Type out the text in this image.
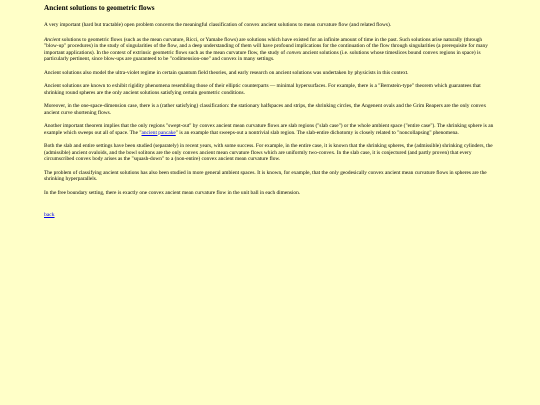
Ancient solutions to geometric flows

A very important (hard but tractable) open problem concerns the meaningful classification of convex ancient solutions to mean curvature flow (and related flows).

Ancient solutions to geometric flows (such as the mean curvature, Ricci, or Yamabe flows) are solutions which have existed for an infinite amount of time in the past. Such solutions arise naturally (through "blow-up" procedures) in the study of singularities of the flow, and a deep understanding of them will have profound implications for the continuation of the flow through singularities (a prerequisite for many important applications). In the context of extrinsic geometric flows such as the mean curvature flow, the study of convex ancient solutions (i.e. solutions whose timeslices bound convex regions in space) is particularly pertinent, since blow-ups are guaranteed to be "codimension-one" and convex in many settings.

Ancient solutions also model the ultra-violet regime in certain quantum field theories, and early research on ancient solutions was undertaken by physicists in this context.

Ancient solutions are known to exhibit rigidity phenomena resembling those of their elliptic counterparts — minimal hypersurfaces. For example, there is a "Bernstein-type" theorem which guarantees that shrinking round spheres are the only ancient solutions satisfying certain geometric conditions.

Moreover, in the one-space-dimension case, there is a (rather satisfying) classification: the stationary halfspaces and strips, the shrinking circles, the Angenent ovals and the Grim Reapers are the only convex ancient curve shortening flows.

Another important theorem implies that the only regions "swept-out" by convex ancient mean curvature flows are slab regions ("slab case") or the whole ambient space ("entire case"). The shrinking sphere is an example which sweeps out all of space. The "ancient pancake" is an example that sweeps-out a nontrivial slab region. The slab-entire dichotomy is closely related to "noncollapsing" phenomena.

Both the slab and entire settings have been studied (separately) in recent years, with some success. For example, in the entire case, it is known that the shrinking spheres, the (admissible) shrinking cylinders, the (admissible) ancient ovaloids, and the bowl solitons are the only convex ancient mean curvature flows which are uniformly two-convex. In the slab case, it is conjectured (and partly proven) that every circumscribed convex body arises as the "squash-down" to a (non-entire) convex ancient mean curvature flow.

The problem of classifying ancient solutions has also been studied in more general ambient spaces. It is known, for example, that the only geodesically convex ancient mean curvature flows in spheres are the shrinking hyperparallels.

In the free boundary setting, there is exactly one convex ancient mean curvature flow in the unit ball in each dimension.

back
